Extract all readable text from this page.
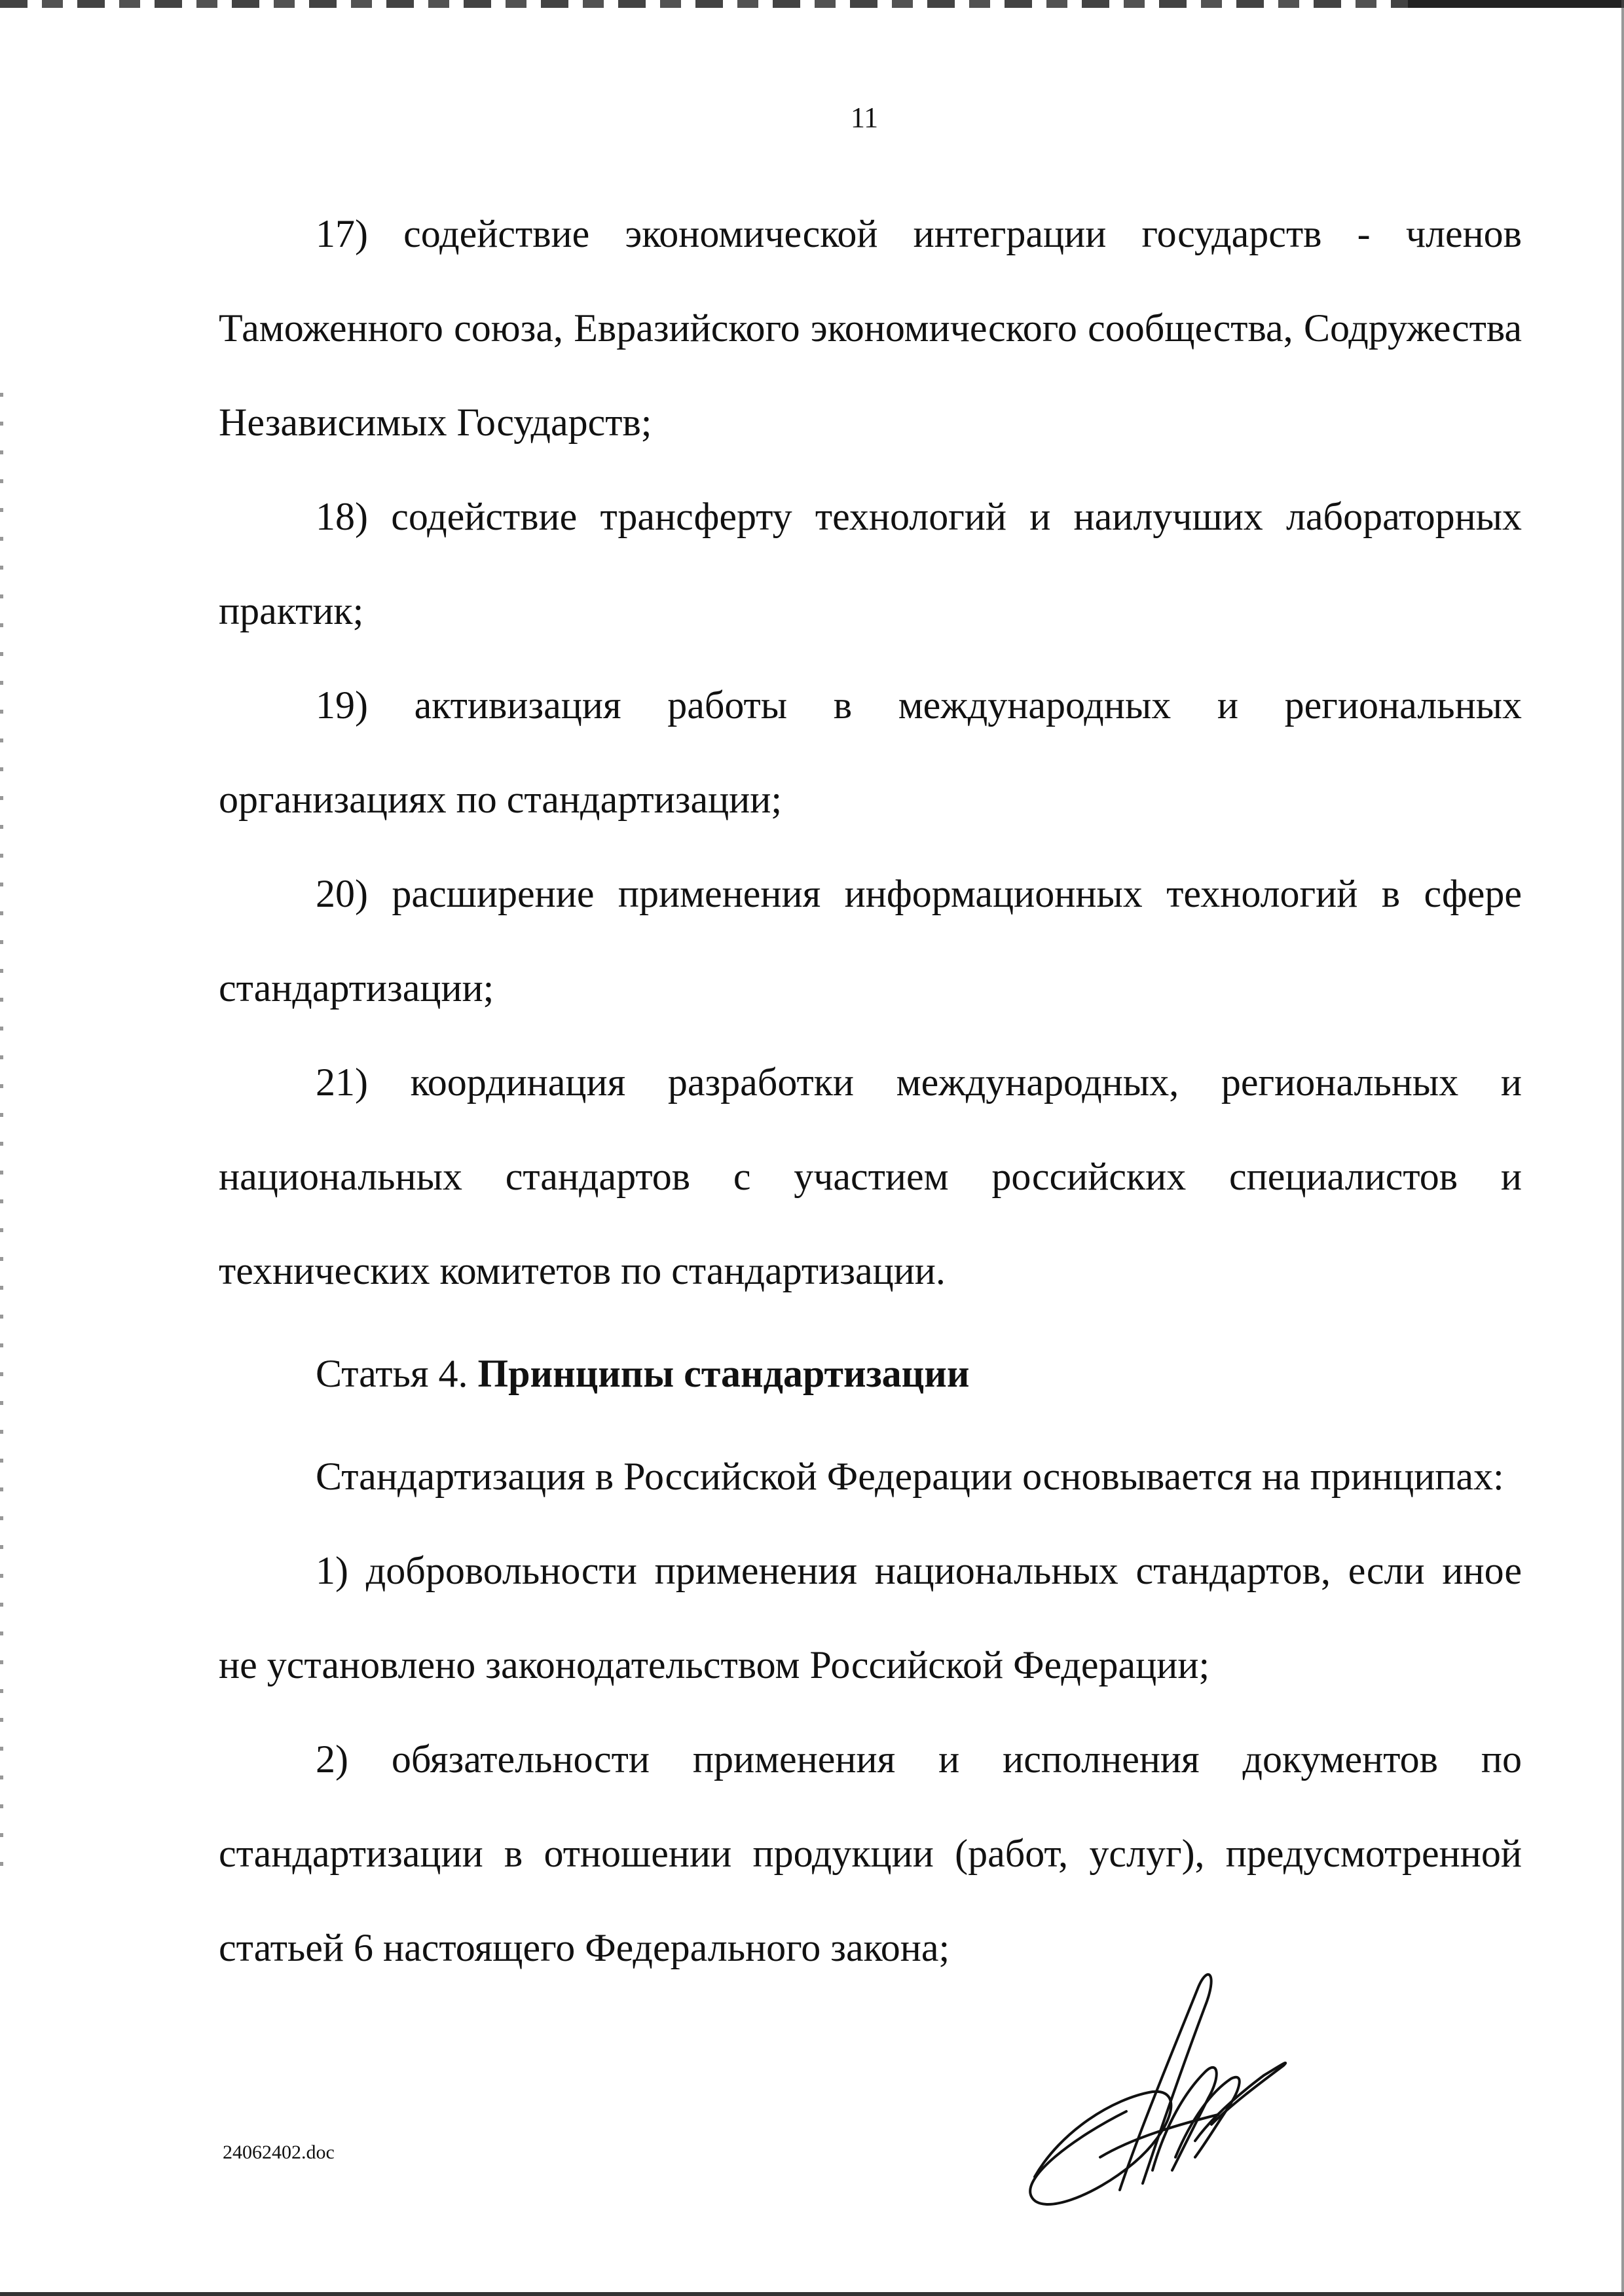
11

17) содействие экономической интеграции государств - членов Таможенного союза, Евразийского экономического сообщества, Содружества Независимых Государств;

18) содействие трансферту технологий и наилучших лабораторных практик;

19) активизация работы в международных и региональных организациях по стандартизации;

20) расширение применения информационных технологий в сфере стандартизации;

21) координация разработки международных, региональных и национальных стандартов с участием российских специалистов и технических комитетов по стандартизации.

Статья 4. Принципы стандартизации

Стандартизация в Российской Федерации основывается на принципах:

1) добровольности применения национальных стандартов, если иное не установлено законодательством Российской Федерации;

2) обязательности применения и исполнения документов по стандартизации в отношении продукции (работ, услуг), предусмотренной статьей 6 настоящего Федерального закона;

24062402.doc
